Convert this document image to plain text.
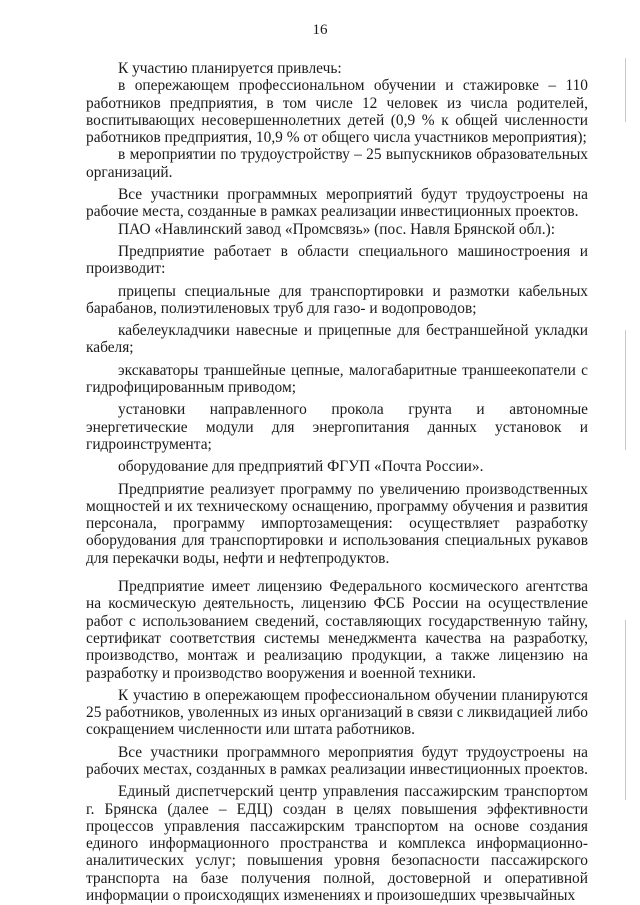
16

К участию планируется привлечь:

в опережающем профессиональном обучении и стажировке – 110 работников предприятия, в том числе 12 человек из числа родителей, воспитывающих несовершеннолетних детей (0,9 % к общей численности работников предприятия, 10,9 % от общего числа участников мероприятия);

в мероприятии по трудоустройству – 25 выпускников образовательных организаций.

Все участники программных мероприятий будут трудоустроены на рабочие места, созданные в рамках реализации инвестиционных проектов.

ПАО «Навлинский завод «Промсвязь» (пос. Навля Брянской обл.):

Предприятие работает в области специального машиностроения и производит:

прицепы специальные для транспортировки и размотки кабельных барабанов, полиэтиленовых труб для газо- и водопроводов;

кабелеукладчики навесные и прицепные для бестраншейной укладки кабеля;

экскаваторы траншейные цепные, малогабаритные траншеекопатели с гидрофицированным приводом;

установки направленного прокола грунта и автономные энергетические модули для энергопитания данных установок и гидроинструмента;

оборудование для предприятий ФГУП «Почта России».

Предприятие реализует программу по увеличению производственных мощностей и их техническому оснащению, программу обучения и развития персонала, программу импортозамещения: осуществляет разработку оборудования для транспортировки и использования специальных рукавов для перекачки воды, нефти и нефтепродуктов.

Предприятие имеет лицензию Федерального космического агентства на космическую деятельность, лицензию ФСБ России на осуществление работ с использованием сведений, составляющих государственную тайну, сертификат соответствия системы менеджмента качества на разработку, производство, монтаж и реализацию продукции, а также лицензию на разработку и производство вооружения и военной техники.

К участию в опережающем профессиональном обучении планируются 25 работников, уволенных из иных организаций в связи с ликвидацией либо сокращением численности или штата работников.

Все участники программного мероприятия будут трудоустроены на рабочих местах, созданных в рамках реализации инвестиционных проектов.

Единый диспетчерский центр управления пассажирским транспортом г. Брянска (далее – ЕДЦ) создан в целях повышения эффективности процессов управления пассажирским транспортом на основе создания единого информационного пространства и комплекса информационно-аналитических услуг; повышения уровня безопасности пассажирского транспорта на базе получения полной, достоверной и оперативной информации о происходящих изменениях и произошедших чрезвычайных
